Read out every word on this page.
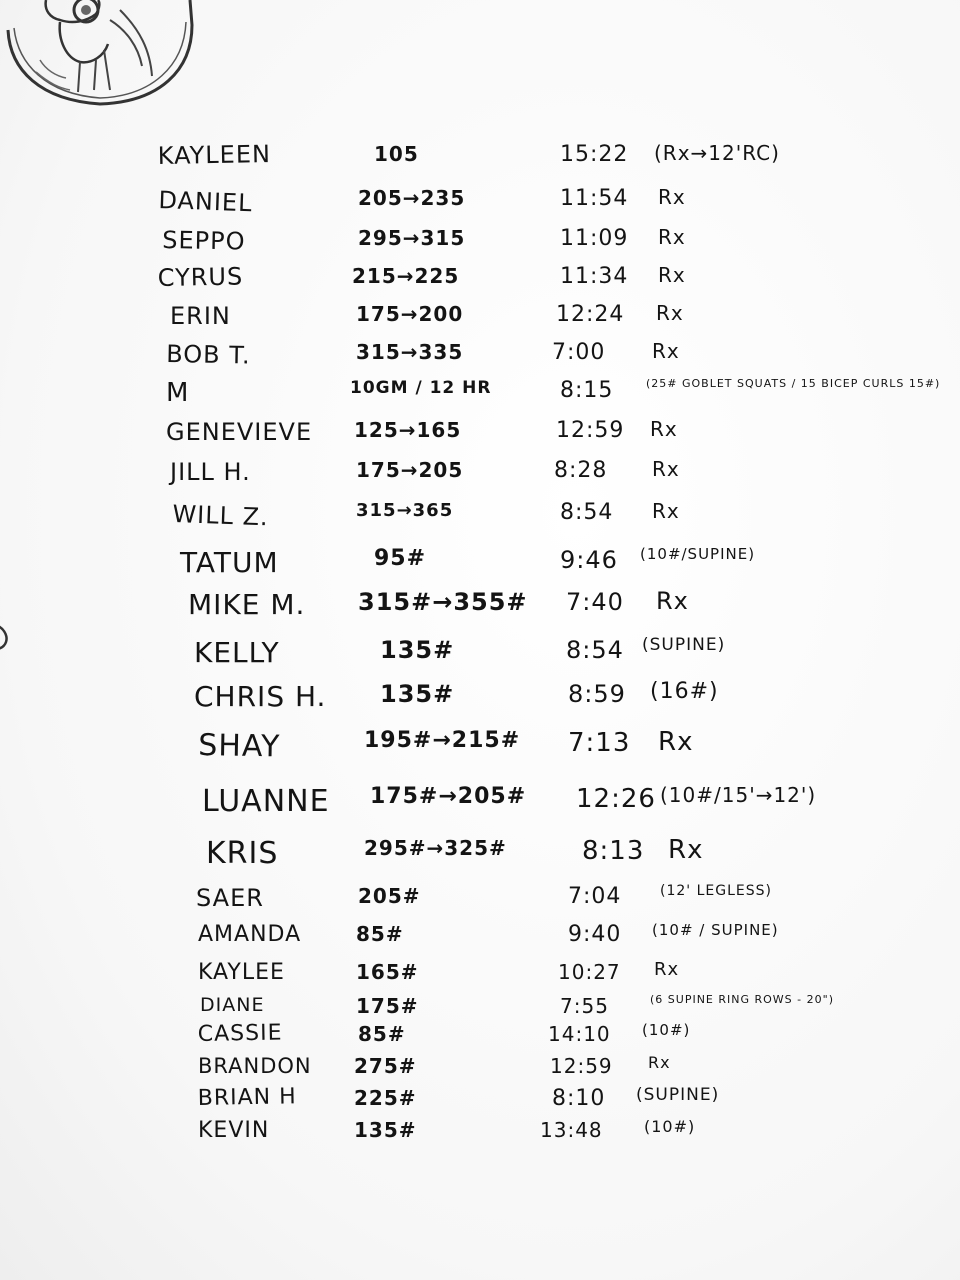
KAYLEEN	105	15:22 (Rx→12'RC)
DANIEL	205→235	11:54 Rx
SEPPO	295→315	11:09 Rx
CYRUS	215→225	11:34 Rx
ERIN	175→200	12:24 Rx
BOB T.	315→335	7:00 Rx
M	10GM / 12 HR	8:15	(25# GOBLET SQUATS / 15 BICEP CURLS 15#)
GENEVIEVE 125→165	12:59 Rx
JILL H.	175→205	8:28 Rx
WILL Z.	315→365	8:54 Rx
TATUM	95#	9:46 (10#/SUPINE)
MIKE M. 315#→355# 7:40 Rx
KELLY	135#	8:54 (SUPINE)
CHRIS H. 135#	8:59 (16#)
SHAY	195#→215# 7:13 Rx
LUANNE 175#→205# 12:26 (10#/15'→12')
KRIS	295#→325#	8:13 Rx
SAER	205#	7:04	(12' LEGLESS)
AMANDA	85#	9:40 (10# / SUPINE)
KAYLEE	165#	10:27 Rx
DIANE	175#	7:55	(6 SUPINE RING ROWS - 20")
CASSIE	85#	14:10 (10#)
BRANDON 275#	12:59 Rx
BRIAN H	225#	8:10 (SUPINE)
KEVIN	135#	13:48	(10#)
